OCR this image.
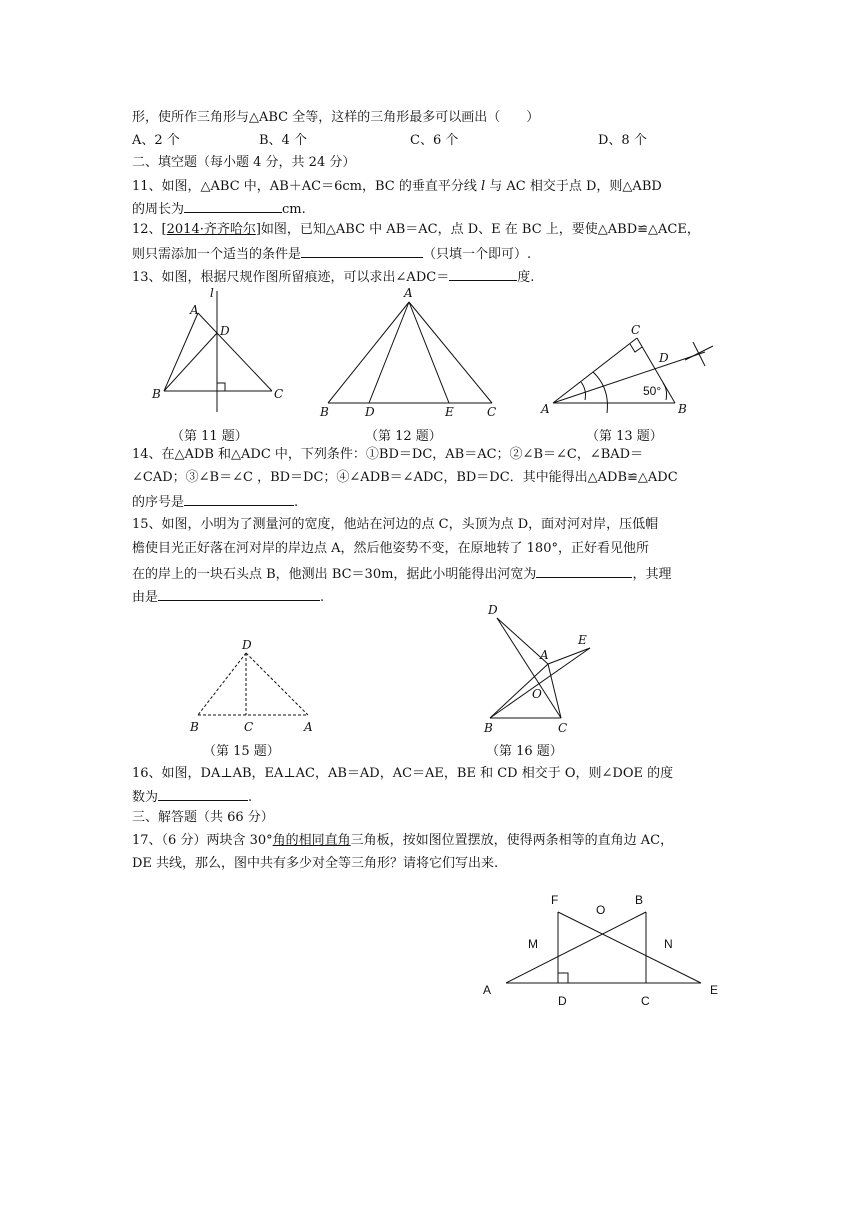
形，使所作三角形与△ABC 全等，这样的三角形最多可以画出（　　）
A、2 个	B、4 个	C、6 个	D、8 个
二、填空题（每小题 4 分，共 24 分）
11、如图，△ABC 中，AB＋AC＝6cm，BC 的垂直平分线 l 与 AC 相交于点 D，则△ABD
的周长为	cm.
12、[2014·齐齐哈尔]如图，已知△ABC 中 AB＝AC，点 D、E 在 BC 上，要使△ABD≌△ACE，
则只需添加一个适当的条件是	（只填一个即可）.
13、如图，根据尺规作图所留痕迹，可以求出∠ADC＝	度.
l
A
D
B	C
A
B	D	E	C	A	B
C
D
50°
（第 11 题）	（第 12 题）	（第 13 题）
14、在△ADB 和△ADC 中，下列条件：①BD＝DC，AB＝AC；②∠B＝∠C，∠BAD＝
∠CAD；③∠B＝∠C ，BD＝DC；④∠ADB＝∠ADC，BD＝DC．其中能得出△ADB≌△ADC
的序号是	.
15、如图，小明为了测量河的宽度，他站在河边的点 C，头顶为点 D，面对河对岸，压低帽
檐使目光正好落在河对岸的岸边点 A，然后他姿势不变，在原地转了 180°，正好看见他所
在的岸上的一块石头点 B，他测出 BC＝30m，据此小明能得出河宽为	，其理
由是	.
D
B	C	A
D
E
A
O
B	C
（第 15 题）	（第 16 题）
16、如图，DA⊥AB，EA⊥AC，AB＝AD，AC＝AE，BE 和 CD 相交于 O，则∠DOE 的度
数为	.
三、解答题（共 66 分）
17、（6 分）两块含 30°角的相同直角三角板，按如图位置摆放，使得两条相等的直角边 AC，
DE 共线，那么，图中共有多少对全等三角形？请将它们写出来.
F	B
O
M	N
A
D	C
E
